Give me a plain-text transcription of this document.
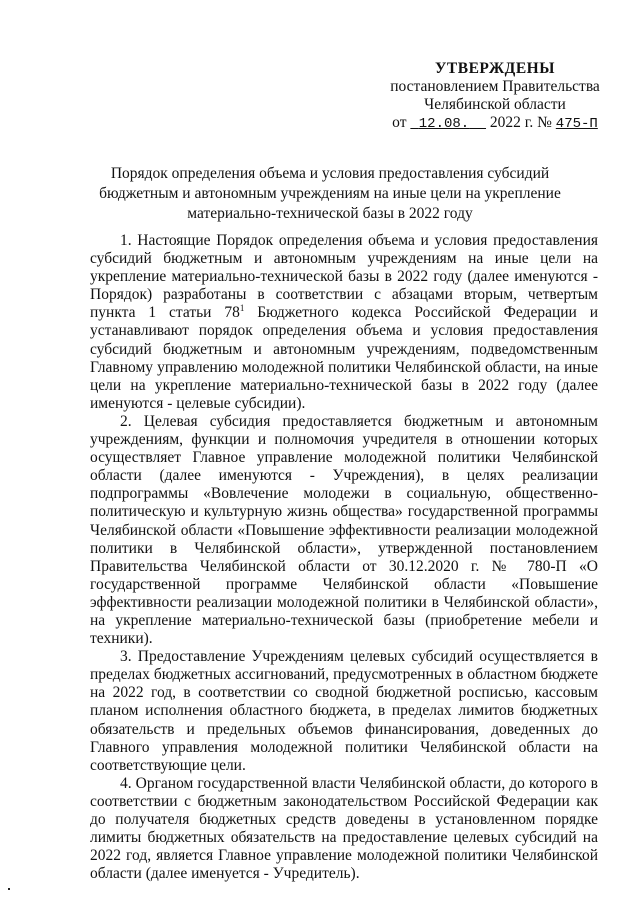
УТВЕРЖДЕНЫ
постановлением Правительства
Челябинской области
от 12.08. 2022 г. № 475-П
Порядок определения объема и условия предоставления субсидий
бюджетным и автономным учреждениям на иные цели на укрепление
материально-технической базы в 2022 году

1. Настоящие Порядок определения объема и условия предоставления субсидий бюджетным и автономным учреждениям на иные цели на укрепление материально-технической базы в 2022 году (далее именуются - Порядок) разработаны в соответствии с абзацами вторым, четвертым пункта 1 статьи $78^1$ Бюджетного кодекса Российской Федерации и устанавливают порядок определения объема и условия предоставления субсидий бюджетным и автономным учреждениям, подведомственным Главному управлению молодежной политики Челябинской области, на иные цели на укрепление материально-технической базы в 2022 году (далее именуются - целевые субсидии).

2. Целевая субсидия предоставляется бюджетным и автономным учреждениям, функции и полномочия учредителя в отношении которых осуществляет Главное управление молодежной политики Челябинской области (далее именуются - Учреждения), в целях реализации подпрограммы «Вовлечение молодежи в социальную, общественно-политическую и культурную жизнь общества» государственной программы Челябинской области «Повышение эффективности реализации молодежной политики в Челябинской области», утвержденной постановлением Правительства Челябинской области от 30.12.2020 г. № 780-П «О государственной программе Челябинской области «Повышение эффективности реализации молодежной политики в Челябинской области», на укрепление материально-технической базы (приобретение мебели и техники).

3. Предоставление Учреждениям целевых субсидий осуществляется в пределах бюджетных ассигнований, предусмотренных в областном бюджете на 2022 год, в соответствии со сводной бюджетной росписью, кассовым планом исполнения областного бюджета, в пределах лимитов бюджетных обязательств и предельных объемов финансирования, доведенных до Главного управления молодежной политики Челябинской области на соответствующие цели.

4. Органом государственной власти Челябинской области, до которого в соответствии с бюджетным законодательством Российской Федерации как до получателя бюджетных средств доведены в установленном порядке лимиты бюджетных обязательств на предоставление целевых субсидий на 2022 год, является Главное управление молодежной политики Челябинской области (далее именуется - Учредитель).
